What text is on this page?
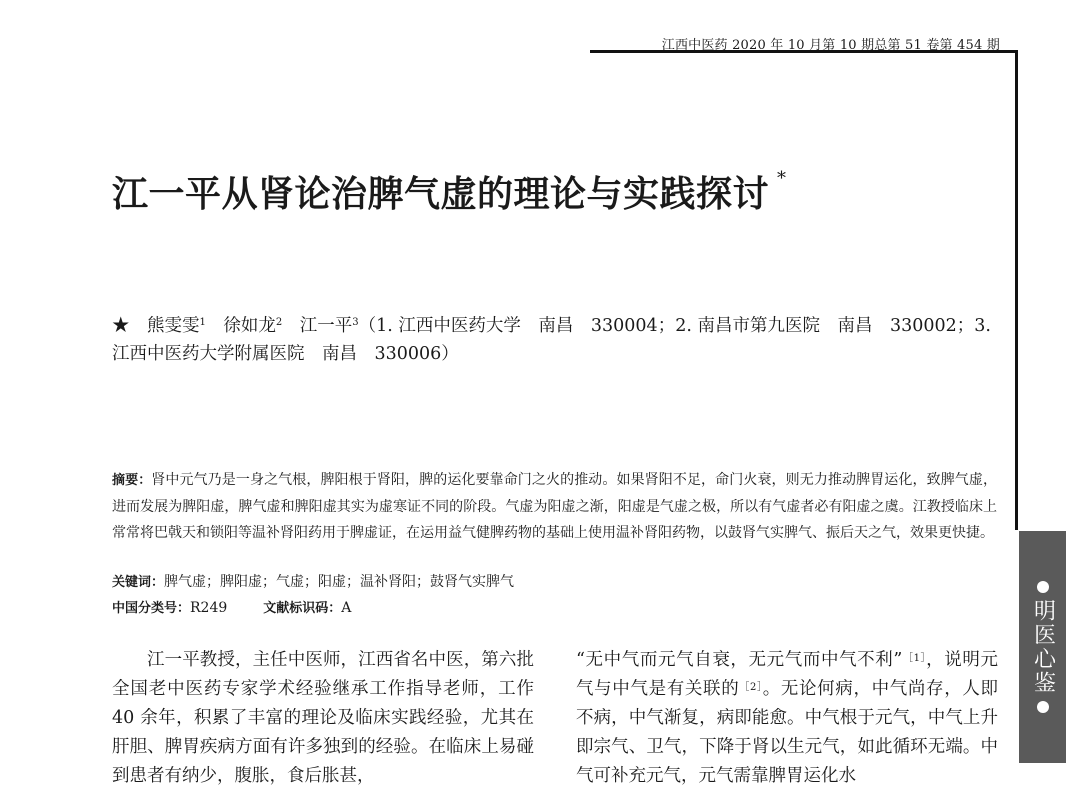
江西中医药 2020 年 10 月第 10 期总第 51 卷第 454 期
江一平从肾论治脾气虚的理论与实践探讨 *
★　 熊雯雯$^1$　 徐如龙$^2$　 江一平$^3$（1. 江西中医药大学　南昌　330004；2. 南昌市第九医院　南昌　330002；3. 江西中医药大学附属医院　南昌　330006）
摘要：肾中元气乃是一身之气根，脾阳根于肾阳，脾的运化要靠命门之火的推动。如果肾阳不足，命门火衰，则无力推动脾胃运化，致脾气虚，进而发展为脾阳虚，脾气虚和脾阳虚其实为虚寒证不同的阶段。气虚为阳虚之渐，阳虚是气虚之极，所以有气虚者必有阳虚之虞。江教授临床上常常将巴戟天和锁阳等温补肾阳药用于脾虚证，在运用益气健脾药物的基础上使用温补肾阳药物，以鼓肾气实脾气、振后天之气，效果更快捷。
关键词：脾气虚；脾阳虚；气虚；阳虚；温补肾阳；鼓肾气实脾气
中国分类号：R249	文献标识码：A

江一平教授，主任中医师，江西省名中医，第六批全国老中医药专家学术经验继承工作指导老师，工作 40 余年，积累了丰富的理论及临床实践经验，尤其在肝胆、脾胃疾病方面有许多独到的经验。在临床上易碰到患者有纳少，腹胀，食后胀甚，

“无中气而元气自衰，无元气而中气不利”$^{[1]}$，说明元气与中气是有关联的$^{[2]}$。无论何病，中气尚存，人即不病，中气渐复，病即能愈。中气根于元气，中气上升即宗气、卫气，下降于肾以生元气，如此循环无端。中气可补充元气，元气需靠脾胃运化水

明医心鉴
